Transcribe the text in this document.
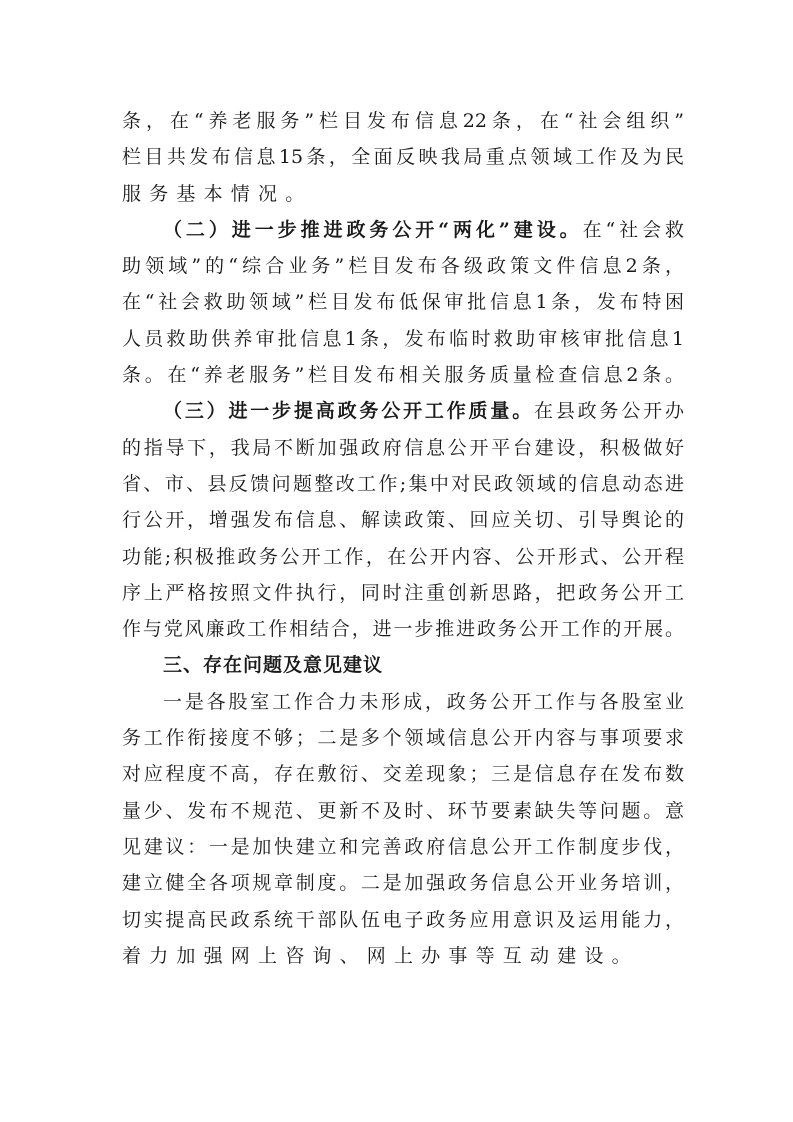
条，在“养老服务”栏目发布信息22条，在“社会组织”
栏目共发布信息15条，全面反映我局重点领域工作及为民
服务基本情况。
（二）进一步推进政务公开“两化”建设。在“社会救
助领域”的“综合业务”栏目发布各级政策文件信息2条，
在“社会救助领域”栏目发布低保审批信息1条，发布特困
人员救助供养审批信息1条，发布临时救助审核审批信息1
条。在“养老服务”栏目发布相关服务质量检查信息2条。
（三）进一步提高政务公开工作质量。在县政务公开办
的指导下，我局不断加强政府信息公开平台建设，积极做好
省、市、县反馈问题整改工作;集中对民政领域的信息动态进
行公开，增强发布信息、解读政策、回应关切、引导舆论的
功能;积极推政务公开工作，在公开内容、公开形式、公开程
序上严格按照文件执行，同时注重创新思路，把政务公开工
作与党风廉政工作相结合，进一步推进政务公开工作的开展。
三、存在问题及意见建议
一是各股室工作合力未形成，政务公开工作与各股室业
务工作衔接度不够；二是多个领域信息公开内容与事项要求
对应程度不高，存在敷衍、交差现象；三是信息存在发布数
量少、发布不规范、更新不及时、环节要素缺失等问题。意
见建议：一是加快建立和完善政府信息公开工作制度步伐，
建立健全各项规章制度。二是加强政务信息公开业务培训，
切实提高民政系统干部队伍电子政务应用意识及运用能力，
着力加强网上咨询、网上办事等互动建设。
